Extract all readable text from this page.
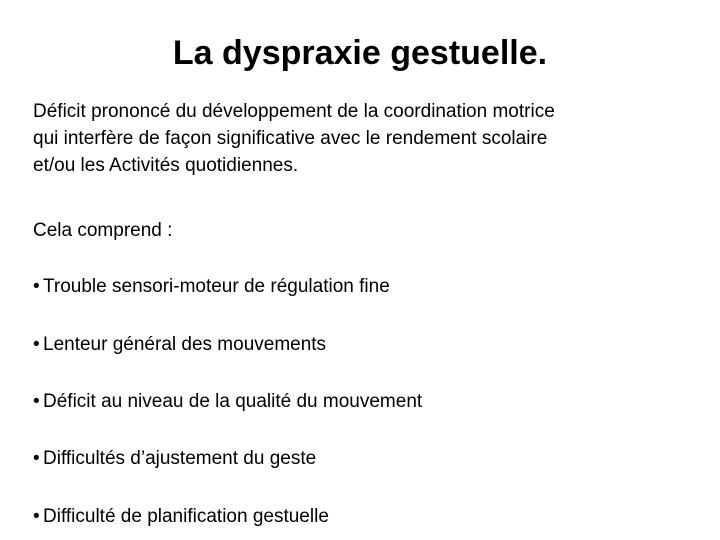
La dyspraxie gestuelle.

Déficit prononcé du développement de la coordination motrice
qui interfère de façon significative avec le rendement scolaire
et/ou les Activités quotidiennes.

Cela comprend :

• Trouble sensori-moteur de régulation fine
• Lenteur général des mouvements
• Déficit au niveau de la qualité du mouvement
• Difficultés d’ajustement du geste
• Difficulté de planification gestuelle
